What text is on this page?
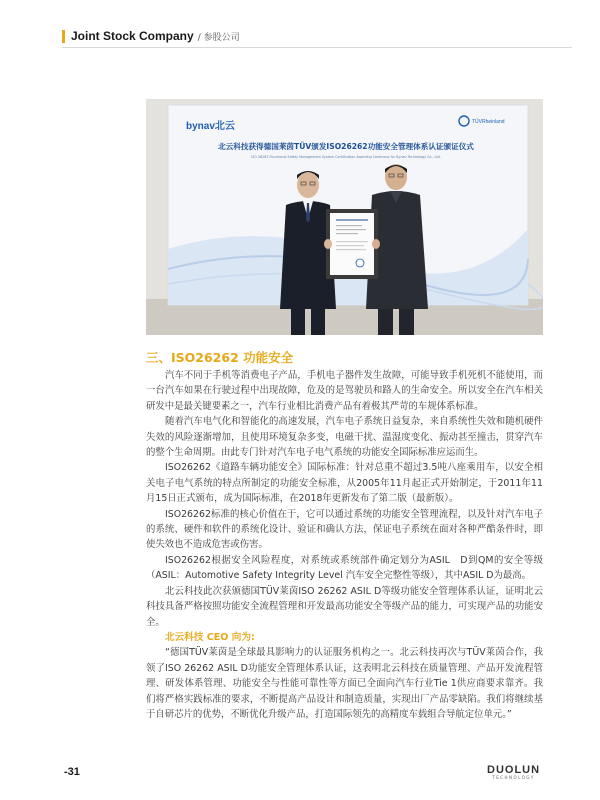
Joint Stock Company / 参股公司
bynav北云	TÜVRheinland
北云科技获得德国莱茵TÜV颁发ISO26262功能安全管理体系认证颁证仪式
ISO 26262 Functional Safety Management System Certification Awarding Ceremony for Bynav Technology Co., Ltd.
三、ISO26262 功能安全

汽车不同于手机等消费电子产品，手机电子器件发生故障，可能导致手机死机不能使用，而一台汽车如果在行驶过程中出现故障，危及的是驾驶员和路人的生命安全。所以安全在汽车相关研发中是最关键要素之一，汽车行业相比消费产品有着极其严苛的车规体系标准。

随着汽车电气化和智能化的高速发展，汽车电子系统日益复杂，来自系统性失效和随机硬件失效的风险逐渐增加，且使用环境复杂多变，电磁干扰、温湿度变化、振动甚至撞击，贯穿汽车的整个生命周期。由此专门针对汽车电子电气系统的功能安全国际标准应运而生。

ISO26262《道路车辆功能安全》国际标准：针对总重不超过3.5吨八座乘用车，以安全相关电子电气系统的特点所制定的功能安全标准，从2005年11月起正式开始制定，于2011年11月15日正式颁布，成为国际标准，在2018年更新发布了第二版（最新版）。

ISO26262标准的核心价值在于，它可以通过系统的功能安全管理流程，以及针对汽车电子的系统、硬件和软件的系统化设计、验证和确认方法，保证电子系统在面对各种严酷条件时，即使失效也不造成危害或伤害。

ISO26262根据安全风险程度，对系统或系统部件确定划分为ASIL　D到QM的安全等级（ASIL：Automotive Safety Integrity Level 汽车安全完整性等级），其中ASIL D为最高。

北云科技此次获颁德国TÜV莱茵ISO 26262 ASIL D等级功能安全管理体系认证，证明北云科技具备严格按照功能安全流程管理和开发最高功能安全等级产品的能力，可实现产品的功能安全。

北云科技 CEO 向为:

“德国TÜV莱茵是全球最具影响力的认证服务机构之一。北云科技再次与TÜV莱茵合作，我领了ISO 26262 ASIL D功能安全管理体系认证，这表明北云科技在质量管理、产品开发流程管理、研发体系管理、功能安全与性能可靠性等方面已全面向汽车行业Tie 1供应商要求靠齐。我们将严格实践标准的要求，不断提高产品设计和制造质量，实现出厂产品零缺陷。我们将继续基于自研芯片的优势，不断优化升级产品，打造国际领先的高精度车载组合导航定位单元。”

-31	DUOLUN
TECHNOLOGY
